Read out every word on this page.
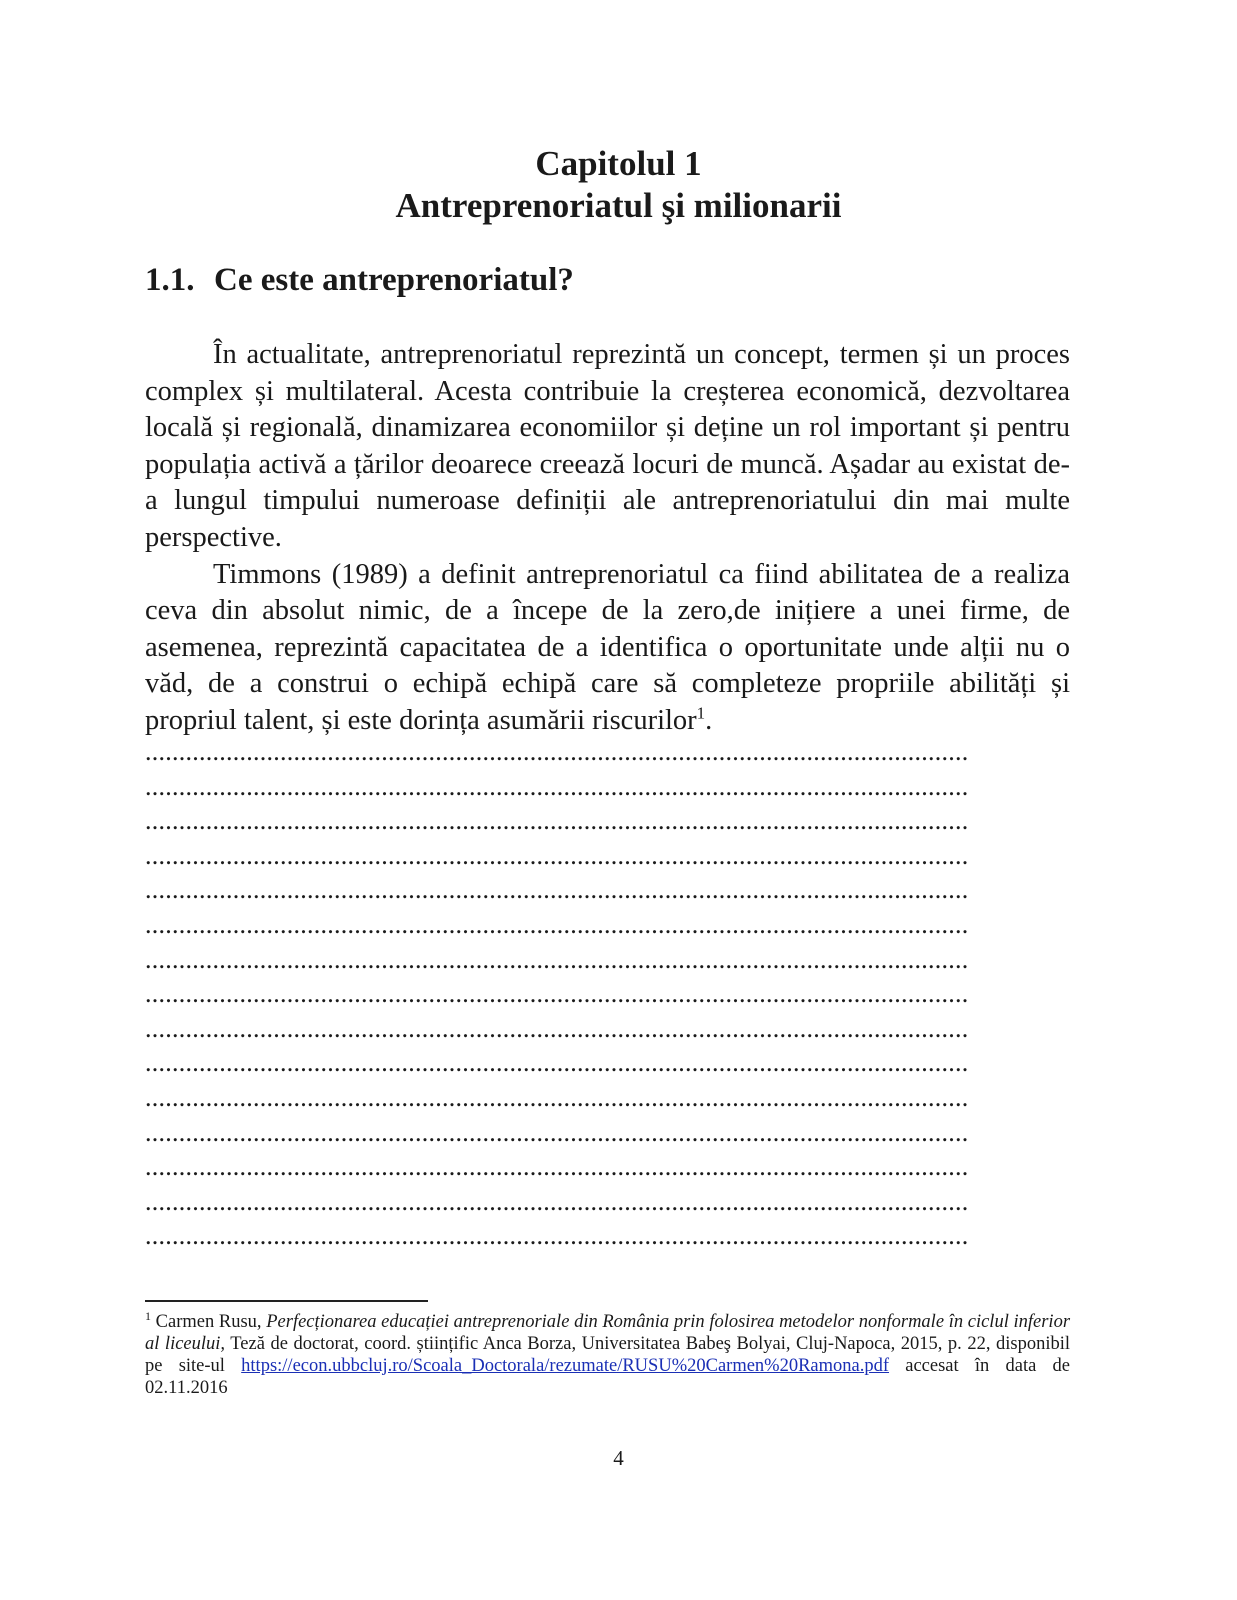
Capitolul 1
Antreprenoriatul şi milionarii
1.1. Ce este antreprenoriatul?

În actualitate, antreprenoriatul reprezintă un concept, termen și un proces complex și multilateral. Acesta contribuie la creșterea economică, dezvoltarea locală și regională, dinamizarea economiilor și deține un rol important și pentru populația activă a țărilor deoarece creează locuri de muncă. Așadar au existat de-a lungul timpului numeroase definiții ale antreprenoriatului din mai multe perspective.

Timmons (1989) a definit antreprenoriatul ca fiind abilitatea de a realiza ceva din absolut nimic, de a începe de la zero,de inițiere a unei firme, de asemenea, reprezintă capacitatea de a identifica o oportunitate unde alții nu o văd, de a construi o echipă echipă care să completeze propriile abilități și propriul talent, și este dorința asumării riscurilor$^1$.

..........................................................................................................................
..........................................................................................................................
..........................................................................................................................
..........................................................................................................................
..........................................................................................................................
..........................................................................................................................
..........................................................................................................................
..........................................................................................................................
..........................................................................................................................
..........................................................................................................................
..........................................................................................................................
..........................................................................................................................
..........................................................................................................................
..........................................................................................................................
..........................................................................................................................

$^1$ Carmen Rusu, Perfecționarea educației antreprenoriale din România prin folosirea metodelor nonformale în ciclul inferior al liceului, Teză de doctorat, coord. științific Anca Borza, Universitatea Babeş Bolyai, Cluj-Napoca, 2015, p. 22, disponibil pe site-ul https://econ.ubbcluj.ro/Scoala_Doctorala/rezumate/RUSU%20Carmen%20Ramona.pdf accesat în data de 02.11.2016

4
